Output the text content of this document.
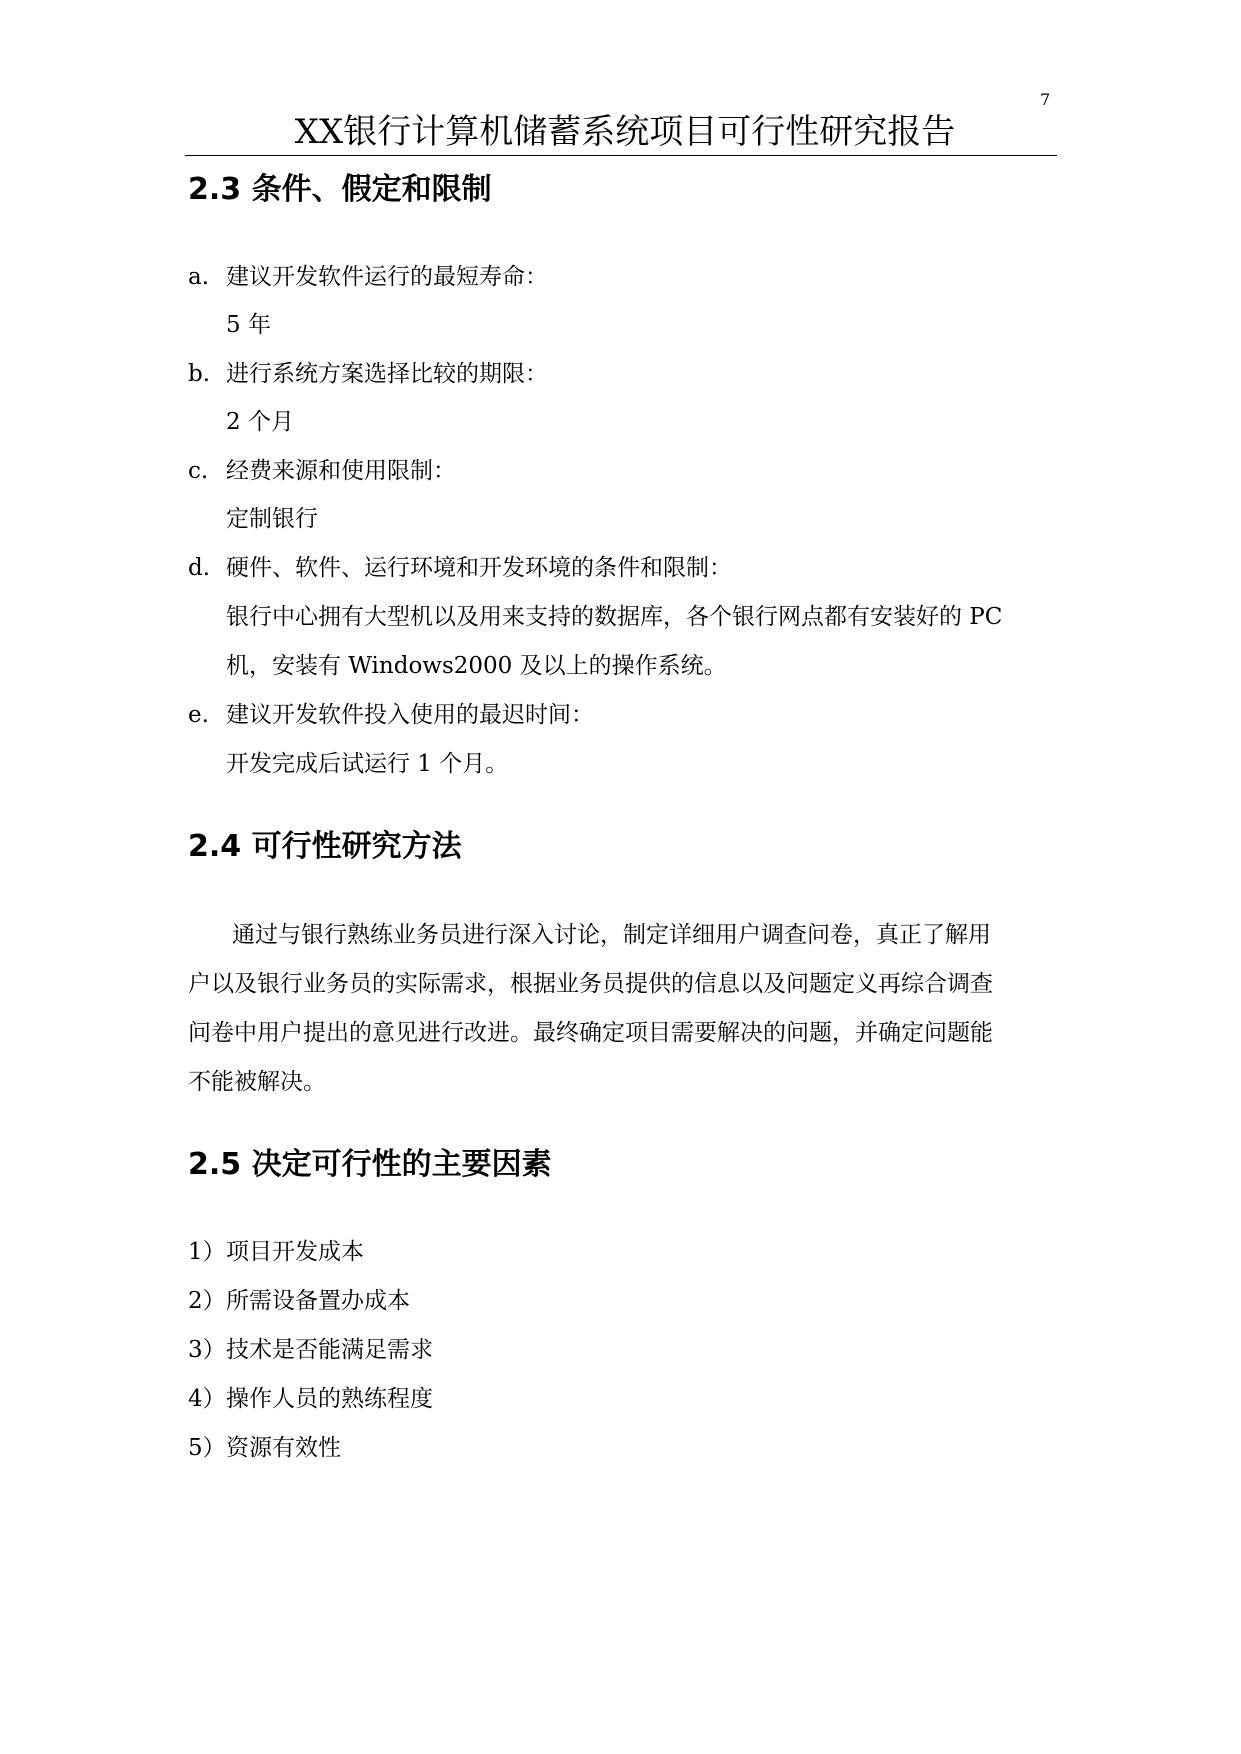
7
XX银行计算机储蓄系统项目可行性研究报告
2.3 条件、假定和限制
a. 建议开发软件运行的最短寿命：
5 年
b. 进行系统方案选择比较的期限：
2 个月
c. 经费来源和使用限制：
定制银行
d. 硬件、软件、运行环境和开发环境的条件和限制：
银行中心拥有大型机以及用来支持的数据库，各个银行网点都有安装好的 PC
机，安装有 Windows2000 及以上的操作系统。
e. 建议开发软件投入使用的最迟时间：
开发完成后试运行 1 个月。
2.4 可行性研究方法
通过与银行熟练业务员进行深入讨论，制定详细用户调查问卷，真正了解用
户以及银行业务员的实际需求，根据业务员提供的信息以及问题定义再综合调查
问卷中用户提出的意见进行改进。最终确定项目需要解决的问题，并确定问题能
不能被解决。
2.5 决定可行性的主要因素
1）项目开发成本
2）所需设备置办成本
3）技术是否能满足需求
4）操作人员的熟练程度
5）资源有效性
